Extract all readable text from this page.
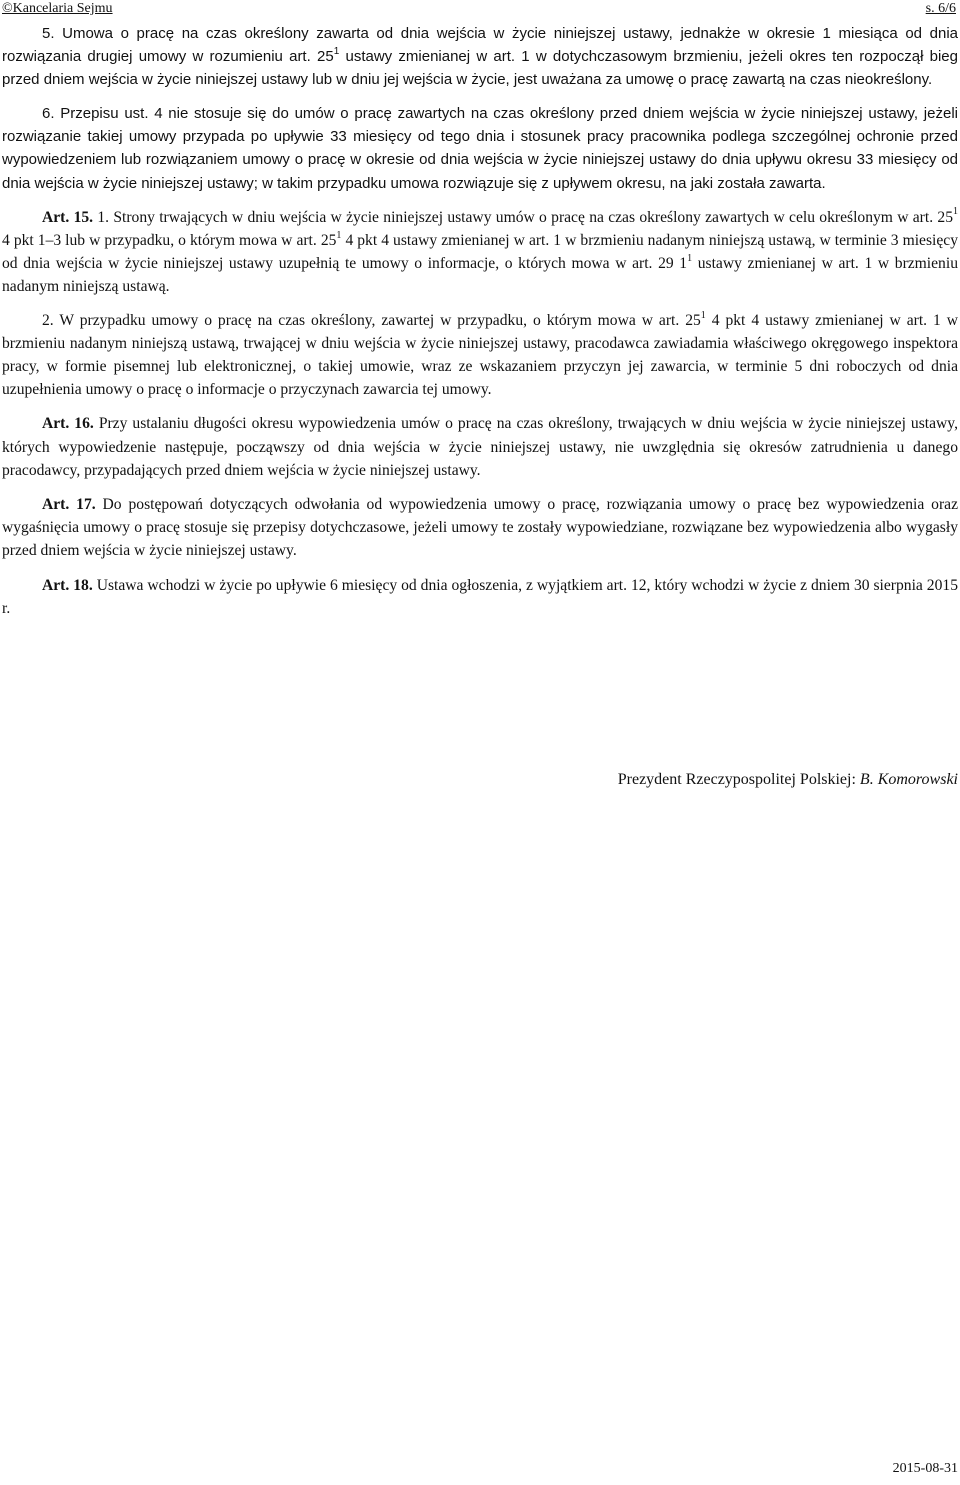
©Kancelaria Sejmu	s. 6/6

5. Umowa o pracę na czas określony zawarta od dnia wejścia w życie niniejszej ustawy, jednakże w okresie 1 miesiąca od dnia rozwiązania drugiej umowy w rozumieniu art. $25^1$ ustawy zmienianej w art. 1 w dotychczasowym brzmieniu, jeżeli okres ten rozpoczął bieg przed dniem wejścia w życie niniejszej ustawy lub w dniu jej wejścia w życie, jest uważana za umowę o pracę zawartą na czas nieokreślony.

6. Przepisu ust. 4 nie stosuje się do umów o pracę zawartych na czas określony przed dniem wejścia w życie niniejszej ustawy, jeżeli rozwiązanie takiej umowy przypada po upływie 33 miesięcy od tego dnia i stosunek pracy pracownika podlega szczególnej ochronie przed wypowiedzeniem lub rozwiązaniem umowy o pracę w okresie od dnia wejścia w życie niniejszej ustawy do dnia upływu okresu 33 miesięcy od dnia wejścia w życie niniejszej ustawy; w takim przypadku umowa rozwiązuje się z upływem okresu, na jaki została zawarta.

Art. 15. 1. Strony trwających w dniu wejścia w życie niniejszej ustawy umów o pracę na czas określony zawartych w celu określonym w art. $25^1$ 4 pkt 1–3 lub w przypadku, o którym mowa w art. $25^1$ 4 pkt 4 ustawy zmienianej w art. 1 w brzmieniu nadanym niniejszą ustawą, w terminie 3 miesięcy od dnia wejścia w życie niniejszej ustawy uzupełnią te umowy o informacje, o których mowa w art. 29 $1^1$ ustawy zmienianej w art. 1 w brzmieniu nadanym niniejszą ustawą.

2. W przypadku umowy o pracę na czas określony, zawartej w przypadku, o którym mowa w art. $25^1$ 4 pkt 4 ustawy zmienianej w art. 1 w brzmieniu nadanym niniejszą ustawą, trwającej w dniu wejścia w życie niniejszej ustawy, pracodawca zawiadamia właściwego okręgowego inspektora pracy, w formie pisemnej lub elektronicznej, o takiej umowie, wraz ze wskazaniem przyczyn jej zawarcia, w terminie 5 dni roboczych od dnia uzupełnienia umowy o pracę o informacje o przyczynach zawarcia tej umowy.

Art. 16. Przy ustalaniu długości okresu wypowiedzenia umów o pracę na czas określony, trwających w dniu wejścia w życie niniejszej ustawy, których wypowiedzenie następuje, począwszy od dnia wejścia w życie niniejszej ustawy, nie uwzględnia się okresów zatrudnienia u danego pracodawcy, przypadających przed dniem wejścia w życie niniejszej ustawy.

Art. 17. Do postępowań dotyczących odwołania od wypowiedzenia umowy o pracę, rozwiązania umowy o pracę bez wypowiedzenia oraz wygaśnięcia umowy o pracę stosuje się przepisy dotychczasowe, jeżeli umowy te zostały wypowiedziane, rozwiązane bez wypowiedzenia albo wygasły przed dniem wejścia w życie niniejszej ustawy.

Art. 18. Ustawa wchodzi w życie po upływie 6 miesięcy od dnia ogłoszenia, z wyjątkiem art. 12, który wchodzi w życie z dniem 30 sierpnia 2015 r.

Prezydent Rzeczypospolitej Polskiej: B. Komorowski
2015-08-31
